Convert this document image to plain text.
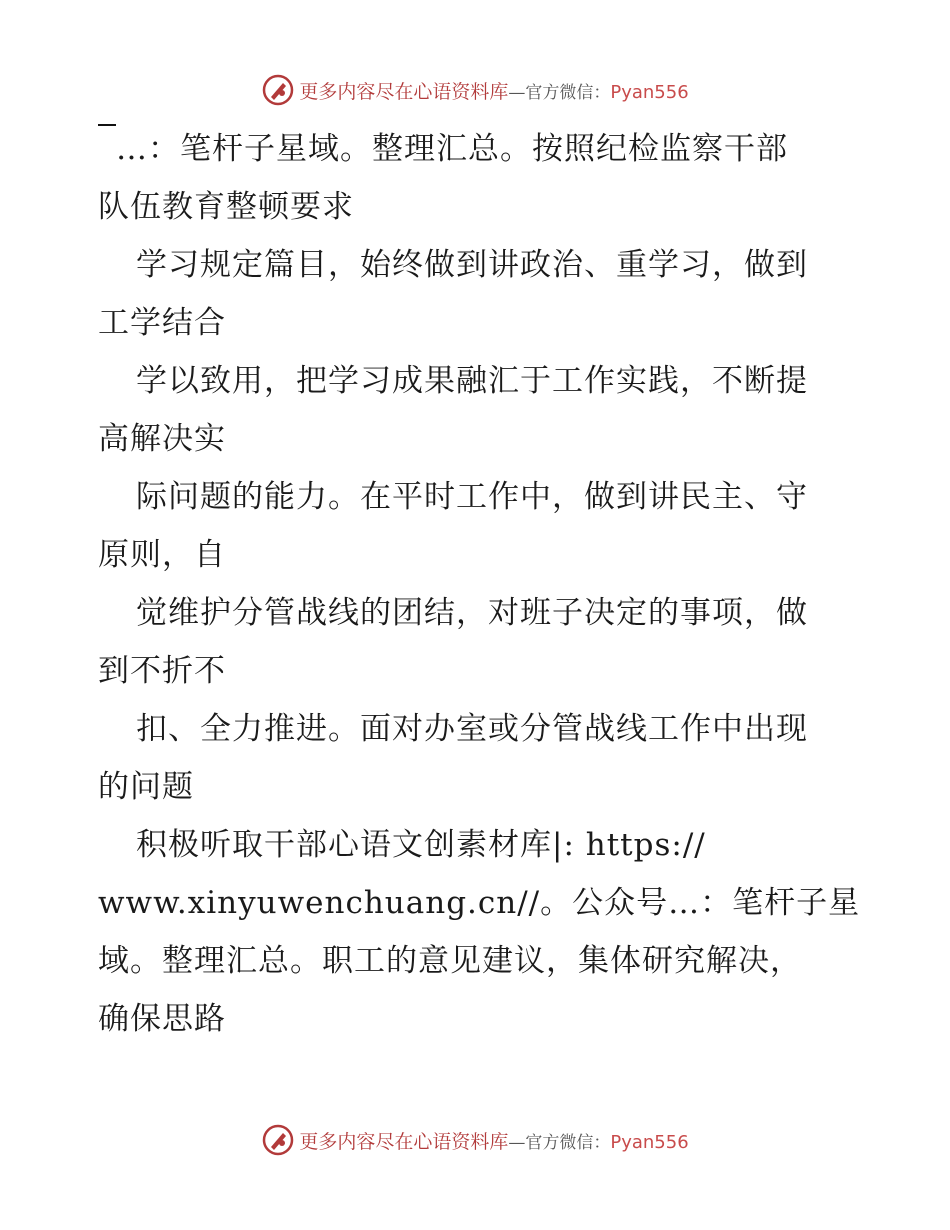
更多内容尽在心语资料库—官方微信：Pyan556
…：笔杆子星域。整理汇总。按照纪检监察干部
队伍教育整顿要求
学习规定篇目，始终做到讲政治、重学习，做到
工学结合
学以致用，把学习成果融汇于工作实践，不断提
高解决实
际问题的能力。在平时工作中，做到讲民主、守
原则，自
觉维护分管战线的团结，对班子决定的事项，做
到不折不
扣、全力推进。面对办室或分管战线工作中出现
的问题
积极听取干部心语文创素材库|: https://
www.xinyuwenchuang.cn//。公众号…：笔杆子星
域。整理汇总。职工的意见建议，集体研究解决，
确保思路
更多内容尽在心语资料库—官方微信：Pyan556
